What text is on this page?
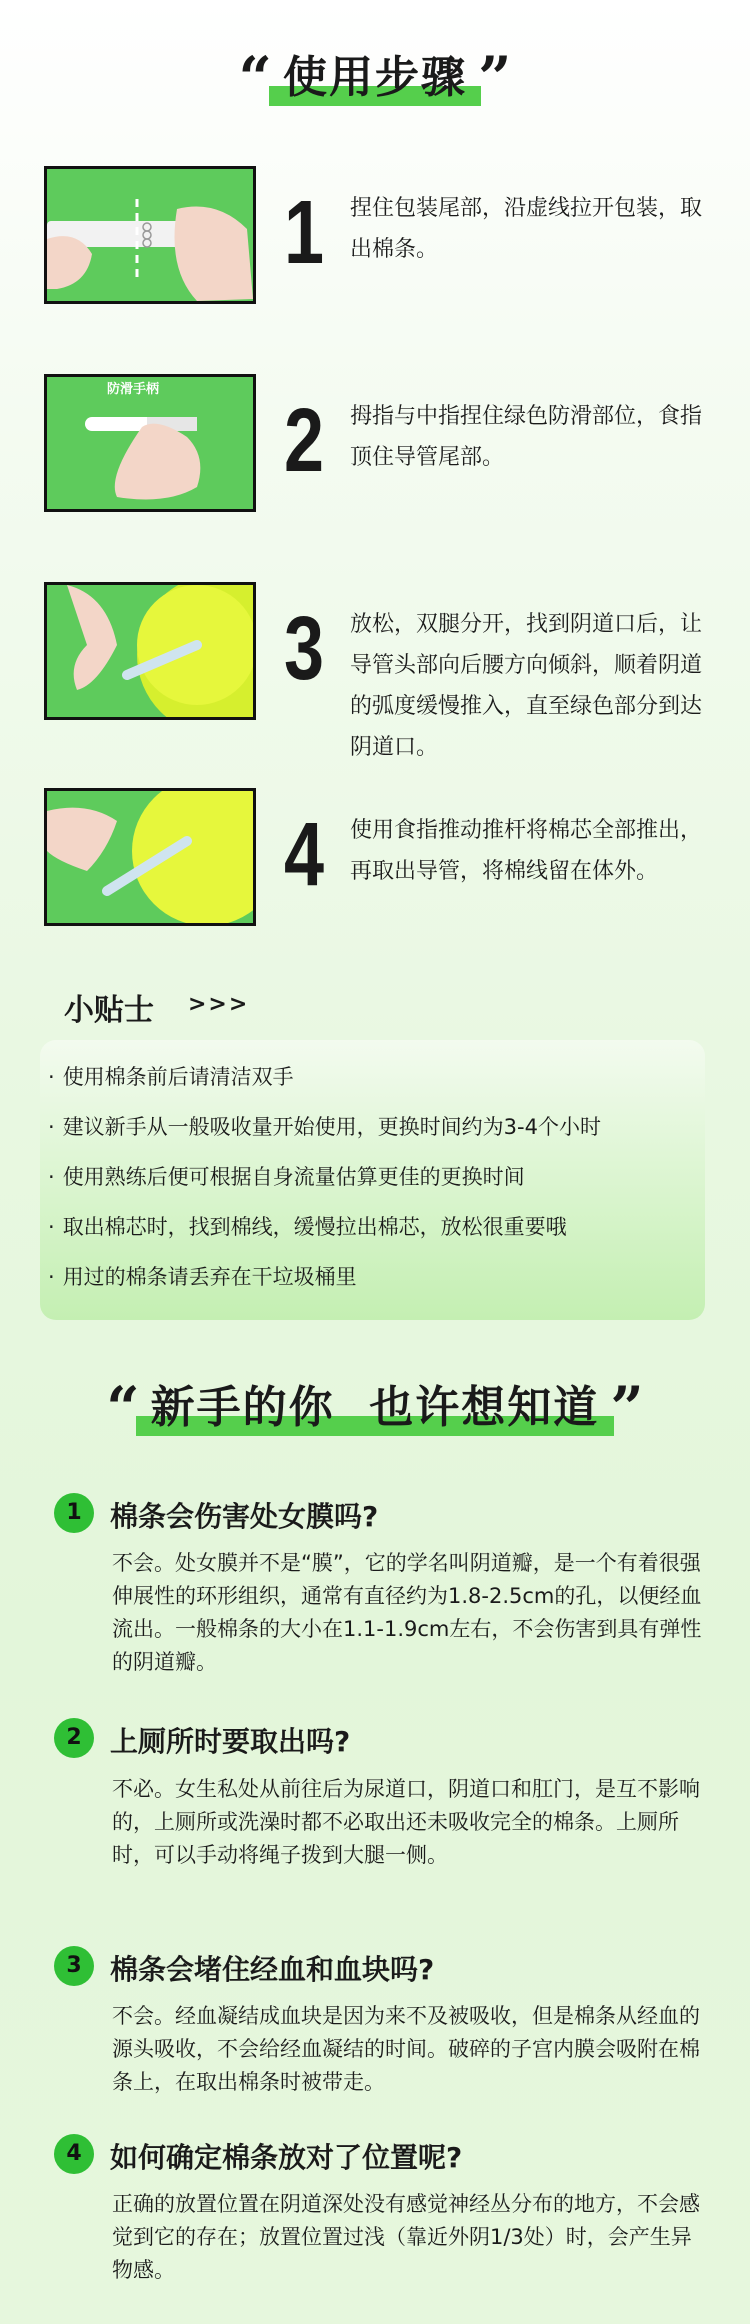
“ 使用步骤 ”
1 捏住包装尾部，沿虚线拉开包装，取出棉条。
防滑手柄
2 拇指与中指捏住绿色防滑部位，食指顶住导管尾部。
3 放松，双腿分开，找到阴道口后，让导管头部向后腰方向倾斜，顺着阴道的弧度缓慢推入，直至绿色部分到达阴道口。
4 使用食指推动推杆将棉芯全部推出，再取出导管，将棉线留在体外。
小贴士 >>>
· 使用棉条前后请清洁双手
· 建议新手从一般吸收量开始使用，更换时间约为3-4个小时
· 使用熟练后便可根据自身流量估算更佳的更换时间
· 取出棉芯时，找到棉线，缓慢拉出棉芯，放松很重要哦
· 用过的棉条请丢弃在干垃圾桶里
“ 新手的你  也许想知道 ”
1	棉条会伤害处女膜吗?
不会。处女膜并不是“膜”，它的学名叫阴道瓣，是一个有着很强伸展性的环形组织，通常有直径约为1.8-2.5cm的孔，以便经血流出。一般棉条的大小在1.1-1.9cm左右，不会伤害到具有弹性的阴道瓣。
2	上厕所时要取出吗?
不必。女生私处从前往后为尿道口，阴道口和肛门，是互不影响的，上厕所或洗澡时都不必取出还未吸收完全的棉条。上厕所时，可以手动将绳子拨到大腿一侧。
3	棉条会堵住经血和血块吗?
不会。经血凝结成血块是因为来不及被吸收，但是棉条从经血的源头吸收，不会给经血凝结的时间。破碎的子宫内膜会吸附在棉条上，在取出棉条时被带走。
4	如何确定棉条放对了位置呢?
正确的放置位置在阴道深处没有感觉神经丛分布的地方，不会感觉到它的存在；放置位置过浅（靠近外阴1/3处）时，会产生异物感。
